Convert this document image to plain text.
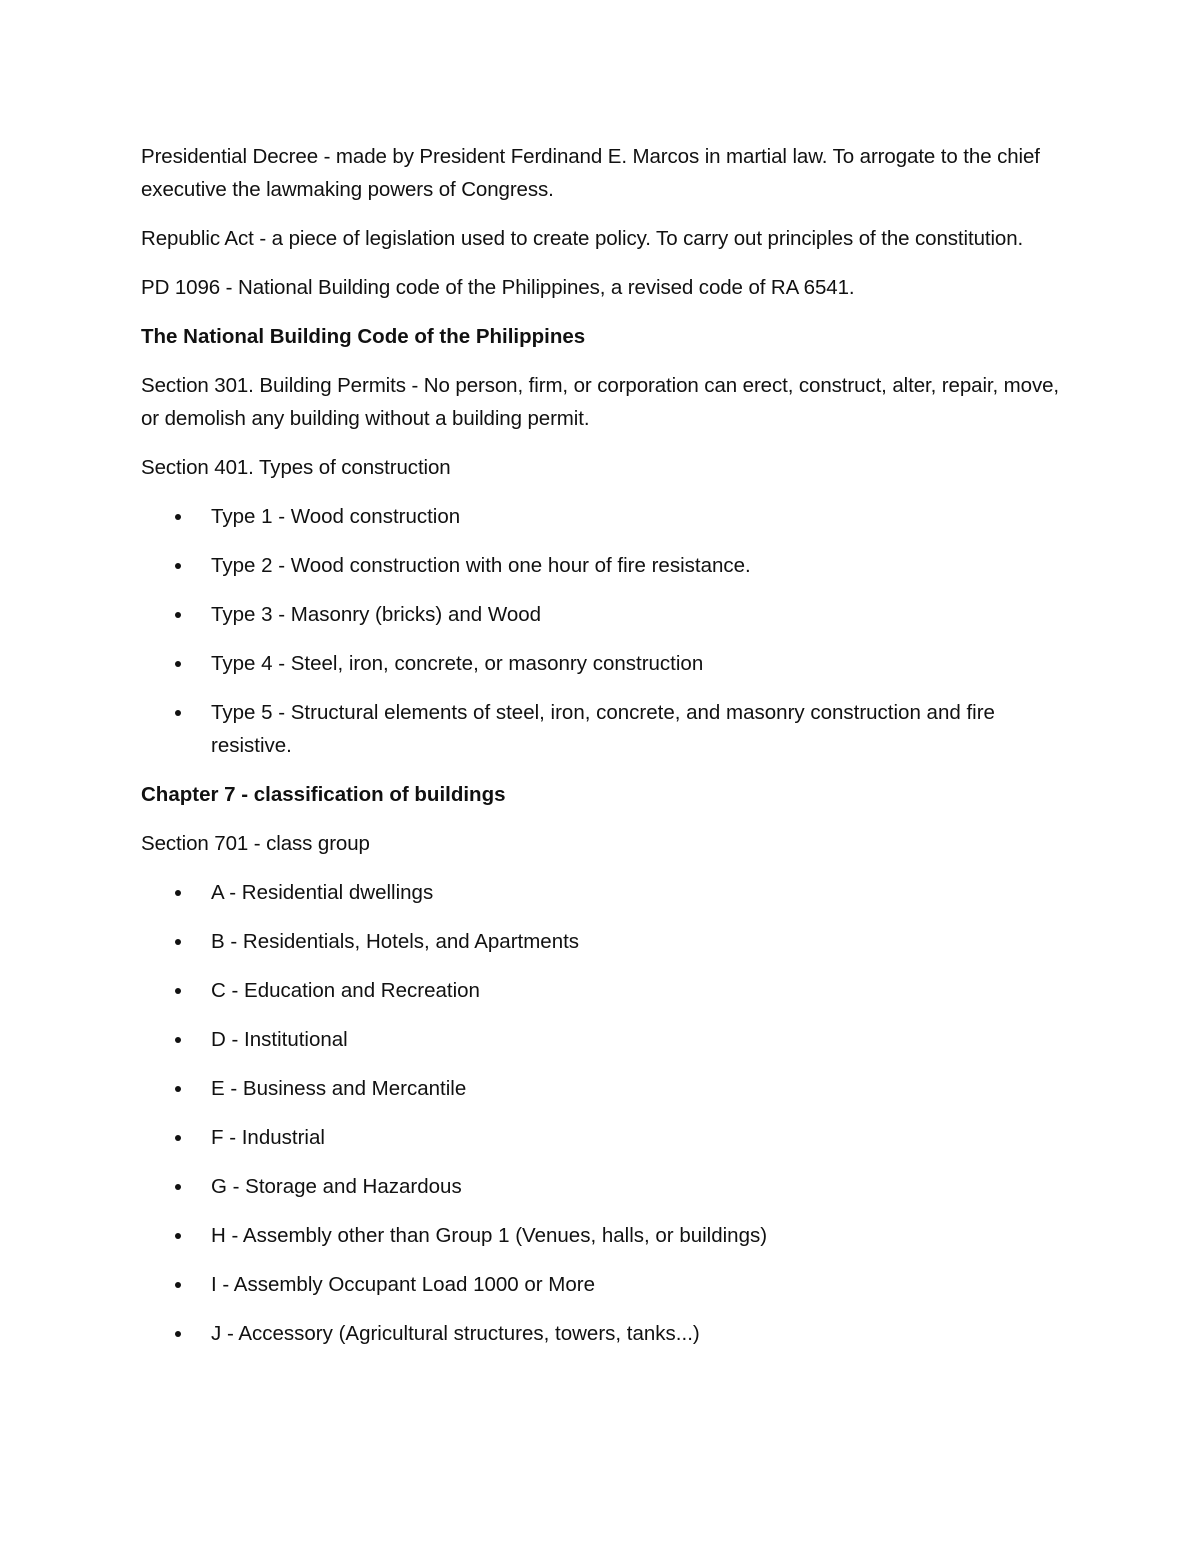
Presidential Decree - made by President Ferdinand E. Marcos in martial law. To arrogate to the chief executive the lawmaking powers of Congress.

Republic Act - a piece of legislation used to create policy. To carry out principles of the constitution.

PD 1096 - National Building code of the Philippines, a revised code of RA 6541.

The National Building Code of the Philippines

Section 301. Building Permits - No person, firm, or corporation can erect, construct, alter, repair, move, or demolish any building without a building permit.

Section 401. Types of construction

Type 1 - Wood construction
Type 2 - Wood construction with one hour of fire resistance.
Type 3 - Masonry (bricks) and Wood
Type 4 - Steel, iron, concrete, or masonry construction
Type 5 - Structural elements of steel, iron, concrete, and masonry construction and fire resistive.

Chapter 7 - classification of buildings

Section 701 - class group

A - Residential dwellings
B - Residentials, Hotels, and Apartments
C - Education and Recreation
D - Institutional
E - Business and Mercantile
F - Industrial
G - Storage and Hazardous
H - Assembly other than Group 1 (Venues, halls, or buildings)
I - Assembly Occupant Load 1000 or More
J - Accessory (Agricultural structures, towers, tanks...)
